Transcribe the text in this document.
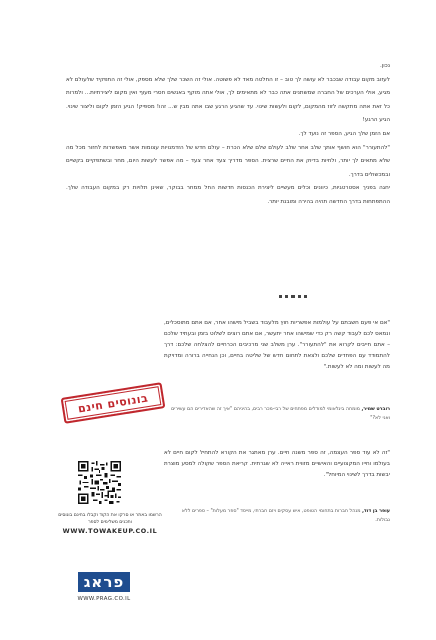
נכון.

לעזוב מקום עבודה שבכבר לא עושה לך טוב – זו החלטה מאד לא פשוטה. אולי זה השכר שלך שלא מספק, אולי זה התפקיד שלעולם לא מגיע, אולי הערכים של החברה שמשתנים אתה כבר לא מתאימים לך, אולי אתה מוקף באנשים חסרי מעוף ואין מקום ליצירתיות... ולמרות כל זאת אתה מתקשה לזוז מהמקום, לקום ולעשות שינוי. עד שהגיע הרגע שבו אתה מבין ש... זהו! מספיק! הגיע הזמן לקום וליצור שינוי. הגיע הרגע!

אם הזמן שלך הגיע, הספר זה נועד לך.

"להתעורר" הוא חושף אותך שלב אחר שלב לעולם שלם שלא הכרת – עולם חדש של הזדמנויות עצומות אשר מאפשרות לחזור מכל מה שלא מתאים לך יותר, ולחיות בדיוק את החיים שרצית. הספר מדריך צעד אחר צעד – מה אפשר לעשות היום, מחר ובשתפקיים בקשיים ובמכשולים בדרך.

יחגה בפניך אסטרטגיות, כיוונים וכלים מעשיים ליצירת הכנסות חדשות החל ממחר בבוקר, שאינן תלויות רק במקום העבודה שלך. ההתפתחות בדרך החדשה תהיה בהירה ומובנת יותר.

"אם אי פעם חשבתם על עולמות אפשריות חוץ מלעבוד בשביל מישהו אחר, אם אתם מתוסכלים, ונמאס לכם לעבוד קשה רק כדי שמישהו אחר יתעשר, אם אתם רוצים לשלוט בזמן ובעתיד שלכם – אתם חייבים לקרוא את "להתעורר". ערן משלב שני מרכיבים הכרחיים להצלחה שלכם: דרך להתמודד עם הפחדים שלכם ולצאת לתחום חדש של שליטה בחיים, וכן הנחייה ברורה ומדויקת מה לעשות ומה לא לעשות."

רוברט שמיר, מומחה בינלאומי למודלים מפתחים של רבי-מכר רבים, בהיניהם "איך זה שהאדירים הם עשירים ואני לא?"

"זה לא עוד ספר העצמה, זה ספר משנה חיים. ערן מאתגר את הקורא להתחיל לקום חיים לא בעולמו וחייו המקצועיים והאישיים מזווית ראייה לא שגרתית. קריאת הספר שקולה למסע מוצרת יבשות בדרך לשינוי המיוחל".

עופר בן דוד, מנהל חברות בתחומי הטופט, איש עסקים ויזם חברתי, מייסד "ספר מעלות" – ספרים ללא גבולות.
בונוסים חינם
הרשמו באתר או סרקו את הקוד וקבלו בחינם בונוסים ותכנים משלימים לספר
WWW.TOWAKEUP.CO.IL
פראג
WWW.PRAG.CO.IL
